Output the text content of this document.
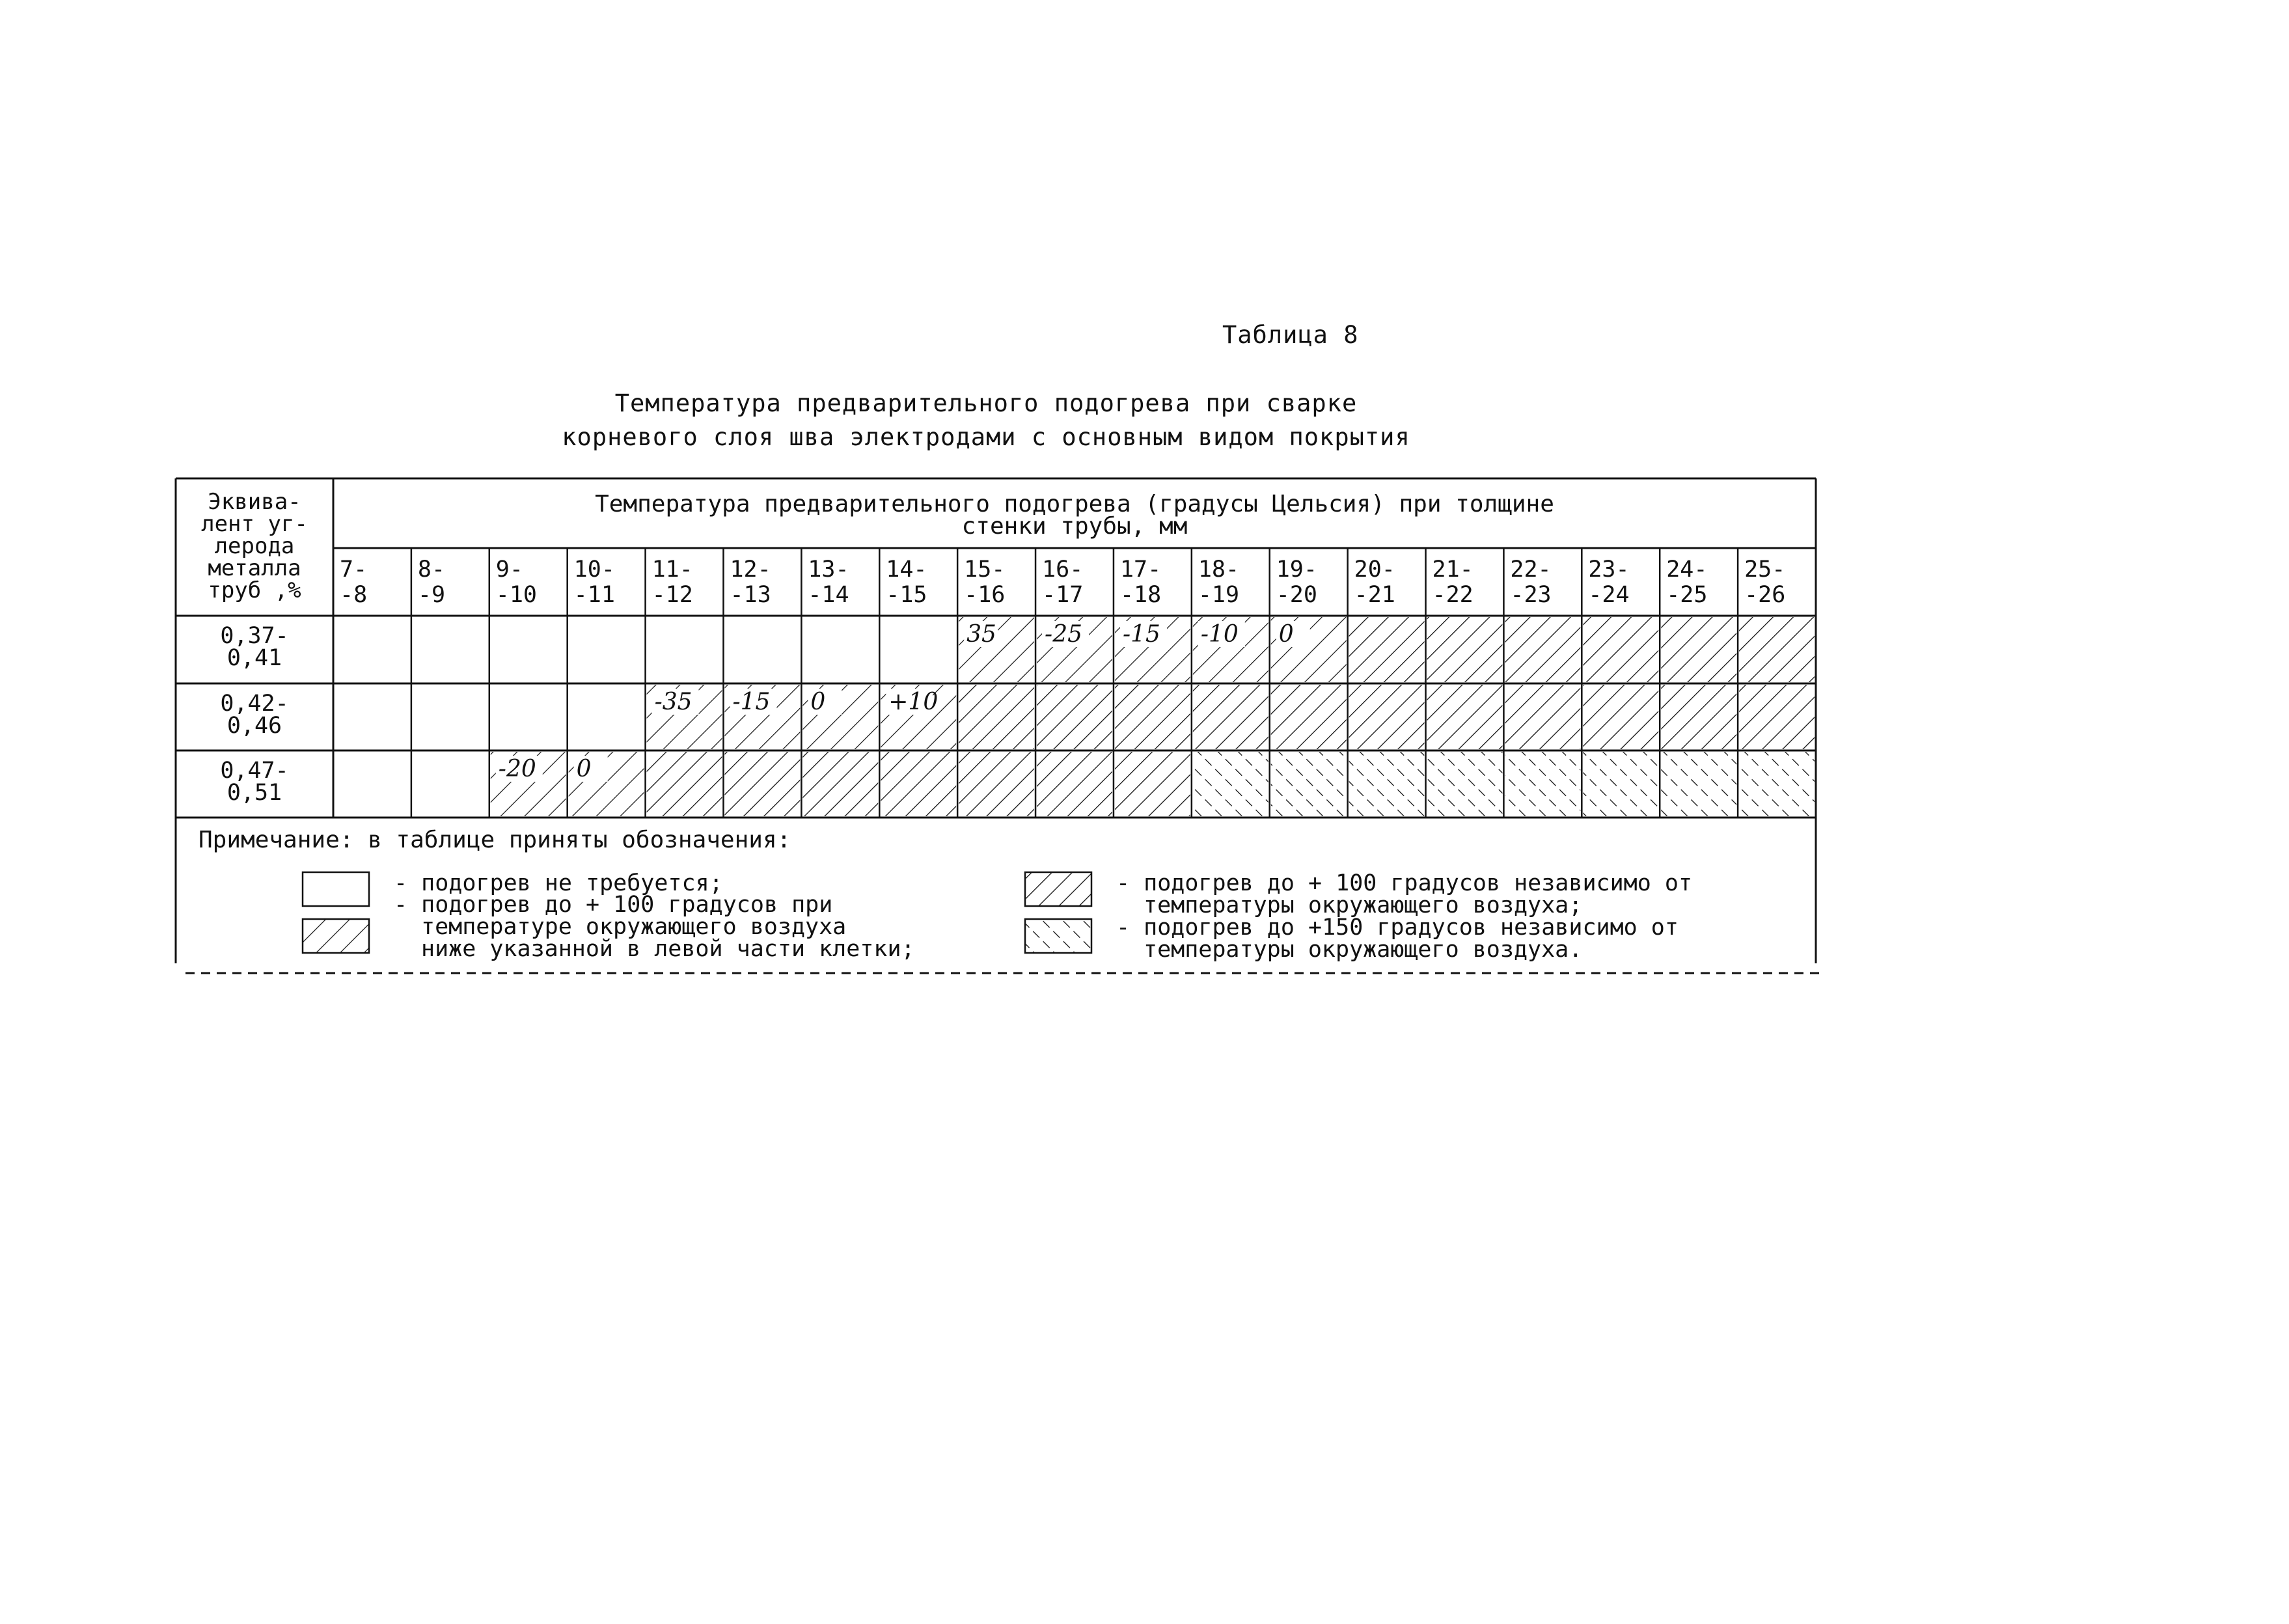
Таблица 8
Температура предварительного подогрева при сварке
корневого слоя шва электродами с основным видом покрытия
35 -25 -15 -10 0
-35 -15 0	+10
-20 0
Эквива-
лент уг-
лерода
металла
труб ,%
Температура предварительного подогрева (градусы Цельсия) при толщине
стенки трубы, мм
7-
-8
8-
-9
9-
-10
10-
-11
11-
-12
12-
-13
13-
-14
14-
-15
15-
-16
16-
-17
17-
-18
18-
-19
19-
-20
20-
-21
21-
-22
22-
-23
23-
-24
24-
-25
25-
-26
0,37-
0,41
0,42-
0,46
0,47-
0,51
Примечание: в таблице приняты обозначения:
- подогрев не требуется;
- подогрев до + 100 градусов при
температуре окружающего воздуха
ниже указанной в левой части клетки;
- подогрев до + 100 градусов независимо от
температуры окружающего воздуха;
- подогрев до +150 градусов независимо от
температуры окружающего воздуха.
